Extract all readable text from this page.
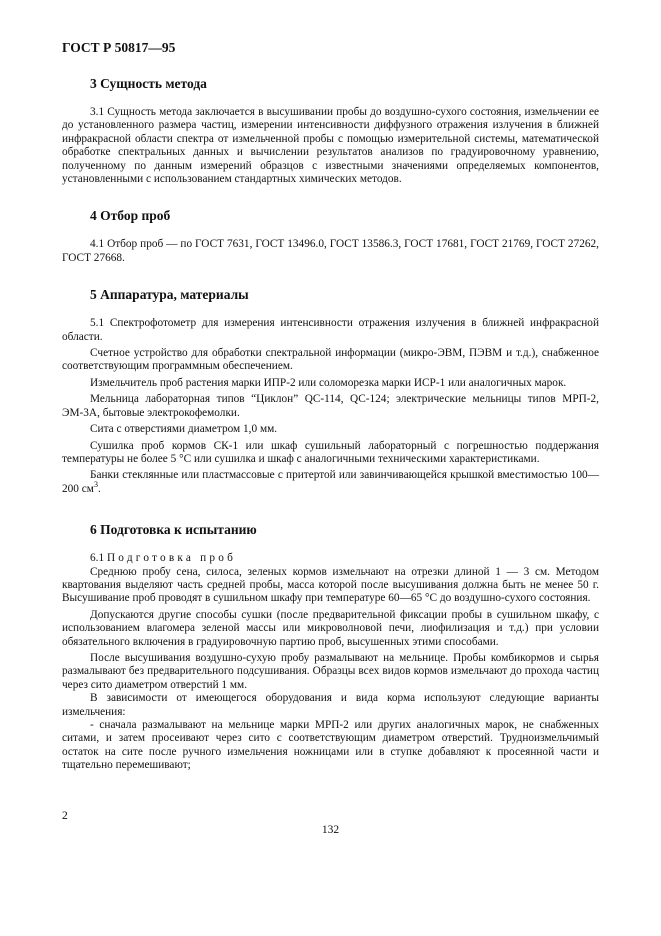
ГОСТ Р 50817—95
3 Сущность метода

3.1 Сущность метода заключается в высушивании пробы до воздушно-сухого состояния, измельчении ее до установленного размера частиц, измерении интенсивности диффузного отражения излучения в ближней инфракрасной области спектра от измельченной пробы с помощью измерительной системы, математической обработке спектральных данных и вычислении результатов анализов по градуировочному уравнению, полученному по данным измерений образцов с известными значениями определяемых компонентов, установленными с использованием стандартных химических методов.

4 Отбор проб

4.1 Отбор проб — по ГОСТ 7631, ГОСТ 13496.0, ГОСТ 13586.3, ГОСТ 17681, ГОСТ 21769, ГОСТ 27262, ГОСТ 27668.

5 Аппаратура, материалы

5.1 Спектрофотометр для измерения интенсивности отражения излучения в ближней инфракрасной области.

Счетное устройство для обработки спектральной информации (микро-ЭВМ, ПЭВМ и т.д.), снабженное соответствующим программным обеспечением.

Измельчитель проб растения марки ИПР-2 или соломорезка марки ИСР-1 или аналогичных марок.

Мельница лабораторная типов “Циклон” QC-114, QC-124; электрические мельницы типов МРП-2, ЭМ-3А, бытовые электрокофемолки.

Сита с отверстиями диаметром 1,0 мм.

Сушилка проб кормов СК-1 или шкаф сушильный лабораторный с погрешностью поддержания температуры не более 5 °С или сушилка и шкаф с аналогичными техническими характеристиками.

Банки стеклянные или пластмассовые с притертой или завинчивающейся крышкой вместимостью 100—200 $см^3$.

6 Подготовка к испытанию

6.1 Подготовка проб

Среднюю пробу сена, силоса, зеленых кормов измельчают на отрезки длиной 1 — 3 см. Методом квартования выделяют часть средней пробы, масса которой после высушивания должна быть не менее 50 г. Высушивание проб проводят в сушильном шкафу при температуре 60—65 °С до воздушно-сухого состояния.

Допускаются другие способы сушки (после предварительной фиксации пробы в сушильном шкафу, с использованием влагомера зеленой массы или микроволновой печи, лиофилизация и т.д.) при условии обязательного включения в градуировочную партию проб, высушенных этими способами.

После высушивания воздушно-сухую пробу размалывают на мельнице. Пробы комбикормов и сырья размалывают без предварительного подсушивания. Образцы всех видов кормов измельчают до прохода частиц через сито диаметром отверстий 1 мм.

В зависимости от имеющегося оборудования и вида корма используют следующие варианты измельчения:

- сначала размалывают на мельнице марки МРП-2 или других аналогичных марок, не снабженных ситами, и затем просеивают через сито с соответствующим диаметром отверстий. Трудноизмельчимый остаток на сите после ручного измельчения ножницами или в ступке добавляют к просеянной части и тщательно перемешивают;

2
132
